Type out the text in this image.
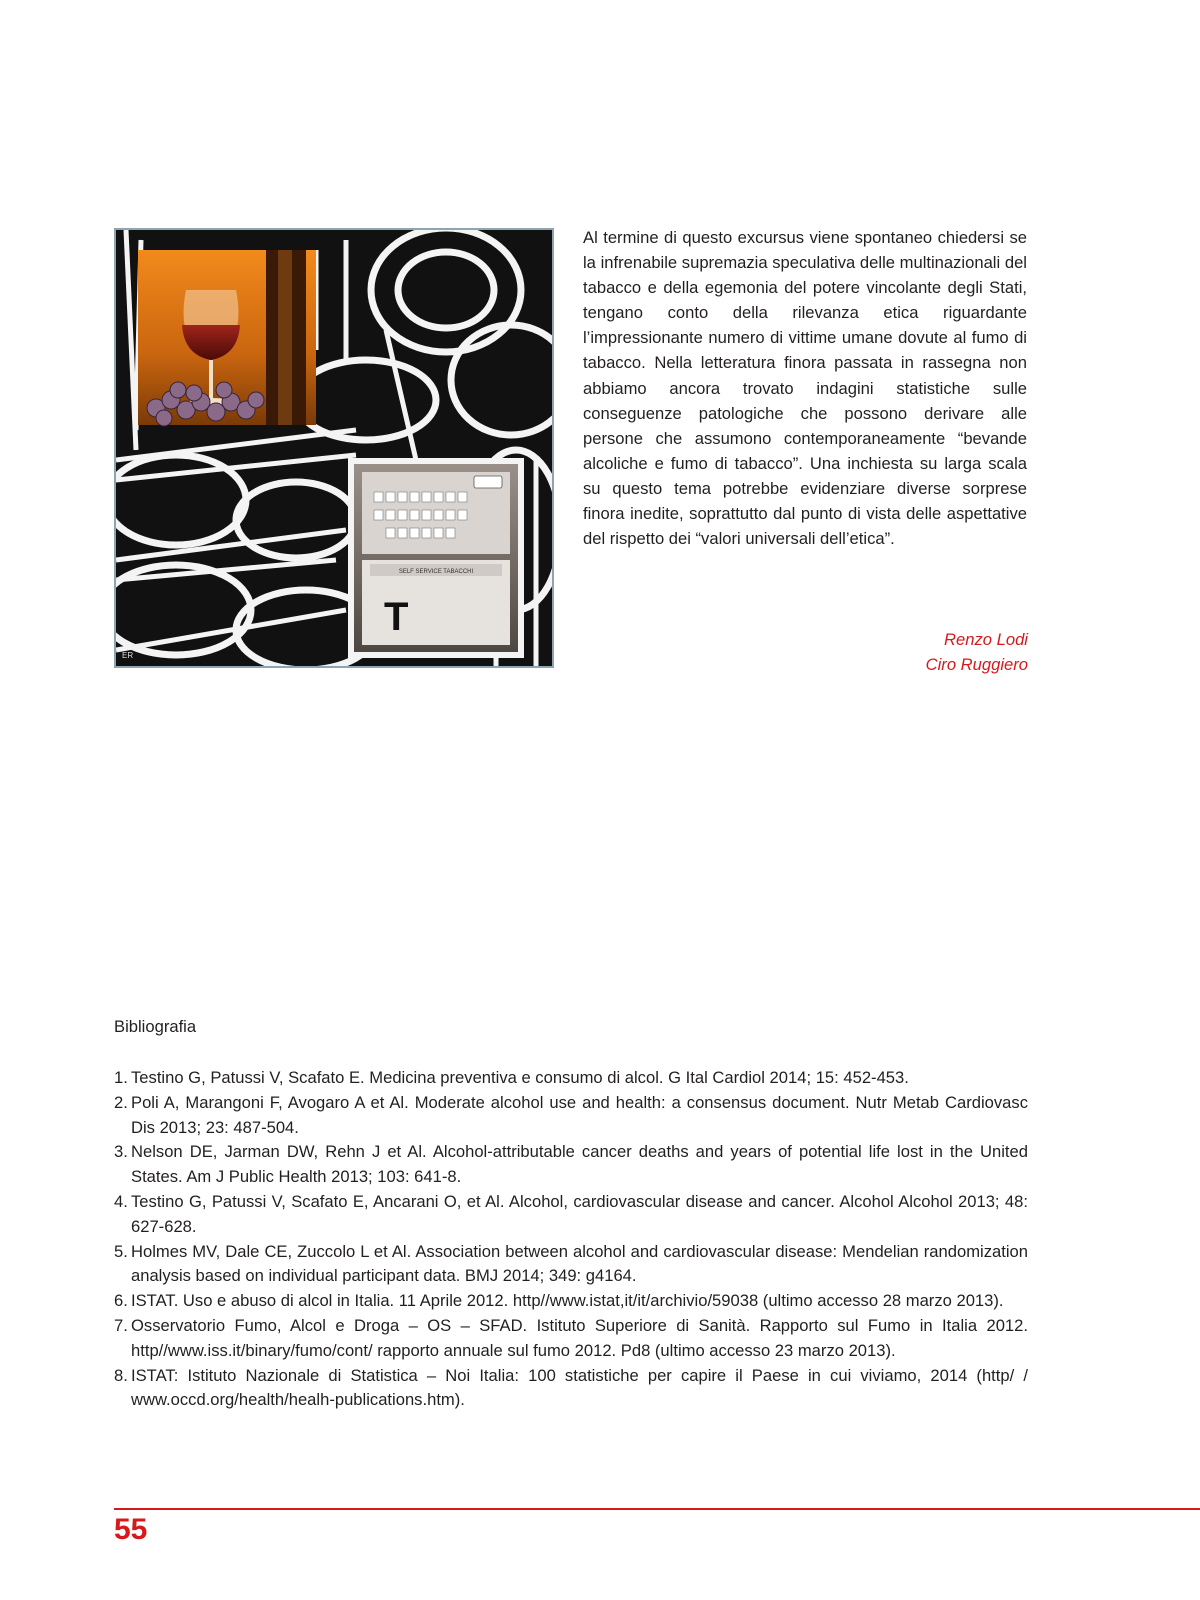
SELF SERVICE TABACCHI
T
ER

Al termine di questo excursus viene spontaneo chiedersi se la infrenabile supremazia speculativa delle multinazionali del tabacco e della egemonia del potere vincolante degli Stati, tengano conto della rilevanza etica riguardante l’impressionante numero di vittime umane dovute al fumo di tabacco. Nella letteratura finora passata in rassegna non abbiamo ancora trovato indagini statistiche sulle conseguenze patologiche che possono derivare alle persone che assumono contemporaneamente “bevande alcoliche e fumo di tabacco”. Una inchiesta su larga scala su questo tema potrebbe evidenziare diverse sorprese finora inedite, soprattutto dal punto di vista delle aspettative del rispetto dei “valori universali dell’etica”.

Renzo Lodi
Ciro Ruggiero
Bibliografia
1. Testino G, Patussi V, Scafato E. Medicina preventiva e consumo di alcol. G Ital Cardiol 2014; 15: 452-453.
2. Poli A, Marangoni F, Avogaro A et Al. Moderate alcohol use and health: a consensus document. Nutr Metab Cardiovasc Dis 2013; 23: 487-504.
3. Nelson DE, Jarman DW, Rehn J et Al. Alcohol-attributable cancer deaths and years of potential life lost in the United States. Am J Public Health 2013; 103: 641-8.
4. Testino G, Patussi V, Scafato E, Ancarani O, et Al. Alcohol, cardiovascular disease and cancer. Alcohol Alcohol 2013; 48: 627-628.
5. Holmes MV, Dale CE, Zuccolo L et Al. Association between alcohol and cardiovascular disease: Mendelian randomization analysis based on individual participant data. BMJ 2014; 349: g4164.
6. ISTAT. Uso e abuso di alcol in Italia. 11 Aprile 2012. http//www.istat,it/it/archivio/59038 (ultimo accesso 28 marzo 2013).
7. Osservatorio Fumo, Alcol e Droga – OS – SFAD. Istituto Superiore di Sanità. Rapporto sul Fumo in Italia 2012. http//www.iss.it/binary/fumo/cont/ rapporto annuale sul fumo 2012. Pd8 (ultimo accesso 23 marzo 2013).
8. ISTAT: Istituto Nazionale di Statistica – Noi Italia: 100 statistiche per capire il Paese in cui viviamo, 2014 (http/ / www.occd.org/health/healh-publications.htm).
55
